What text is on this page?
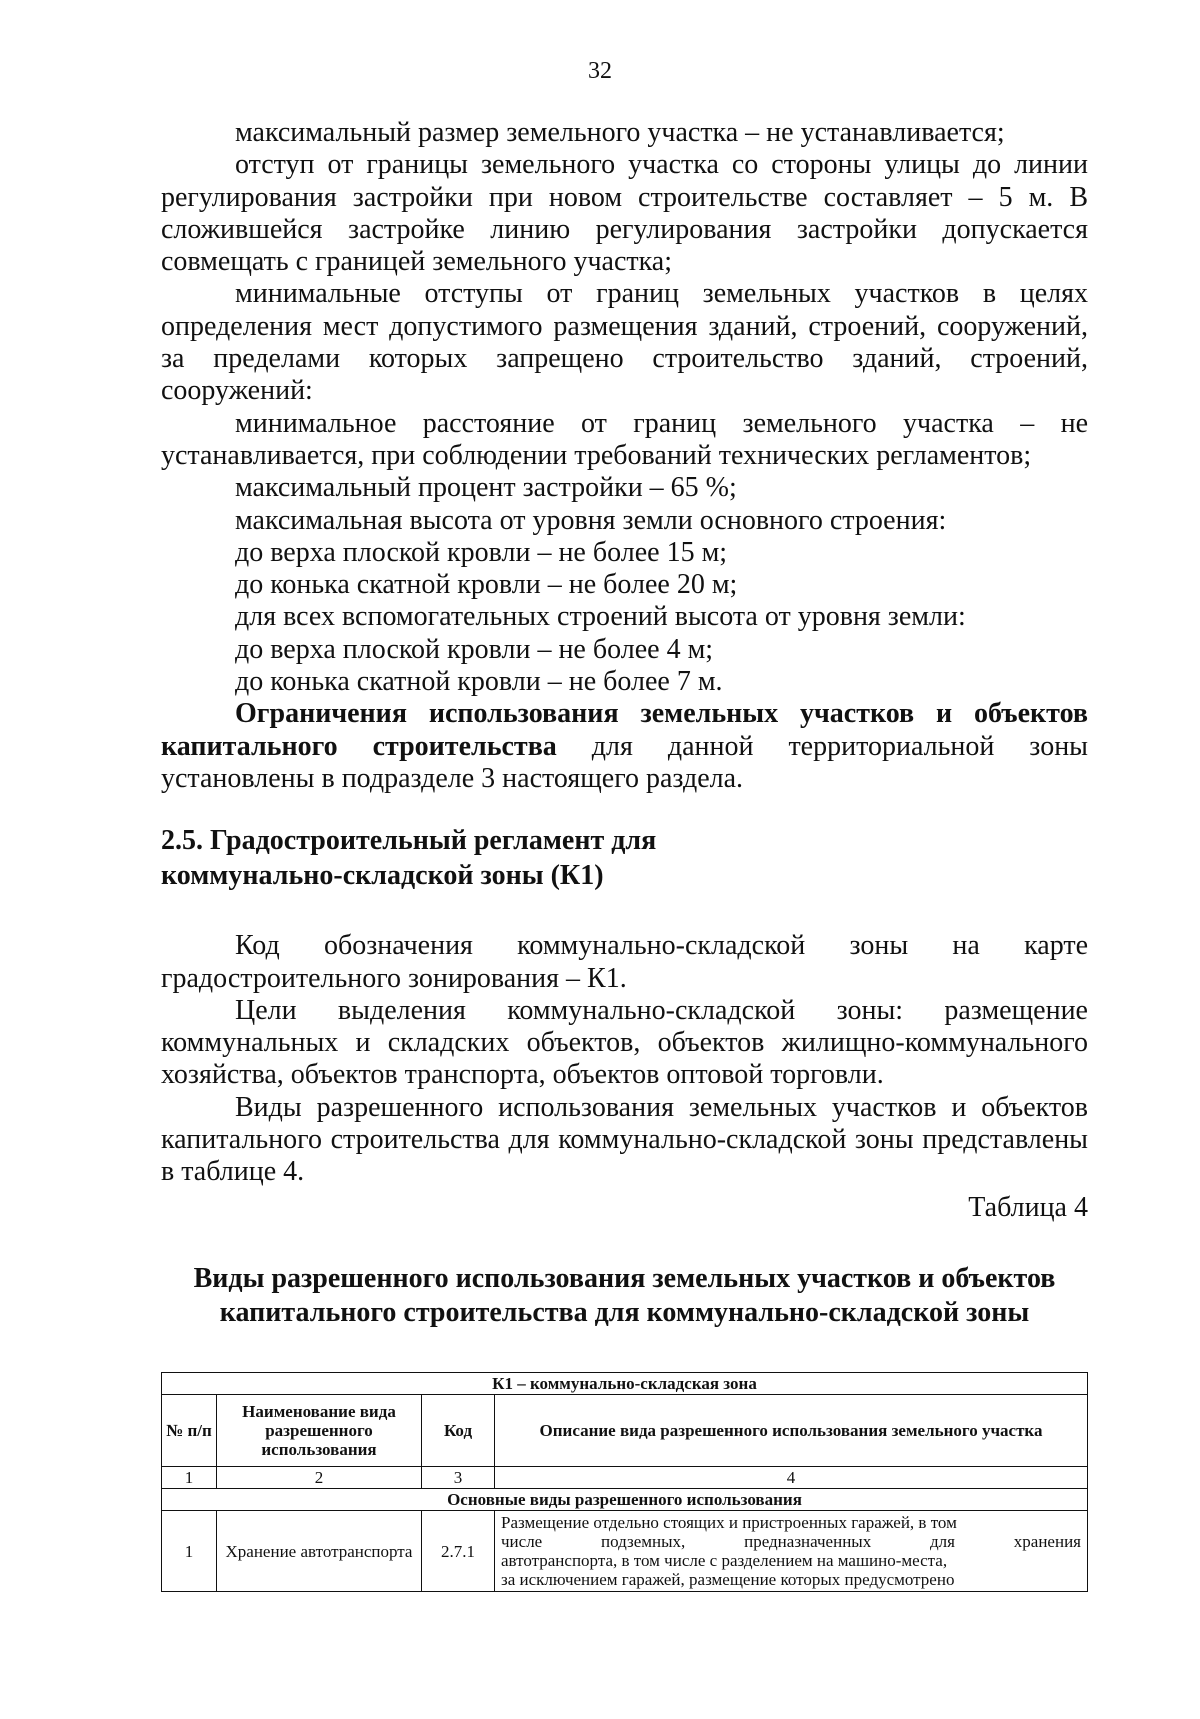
32

максимальный размер земельного участка – не устанавливается;

отступ от границы земельного участка со стороны улицы до линии регулирования застройки при новом строительстве составляет – 5 м. В сложившейся застройке линию регулирования застройки допускается совмещать с границей земельного участка;

минимальные отступы от границ земельных участков в целях определения мест допустимого размещения зданий, строений, сооружений, за пределами которых запрещено строительство зданий, строений, сооружений:

минимальное расстояние от границ земельного участка – не устанавливается, при соблюдении требований технических регламентов;

максимальный процент застройки – 65 %;

максимальная высота от уровня земли основного строения:

до верха плоской кровли – не более 15 м;

до конька скатной кровли – не более 20 м;

для всех вспомогательных строений высота от уровня земли:

до верха плоской кровли – не более 4 м;

до конька скатной кровли – не более 7 м.

Ограничения использования земельных участков и объектов капитального строительства для данной территориальной зоны установлены в подразделе 3 настоящего раздела.

2.5. Градостроительный регламент для
коммунально-складской зоны (К1)

Код обозначения коммунально-складской зоны на карте градостроительного зонирования – К1.

Цели выделения коммунально-складской зоны: размещение коммунальных и складских объектов, объектов жилищно-коммунального хозяйства, объектов транспорта, объектов оптовой торговли.

Виды разрешенного использования земельных участков и объектов капитального строительства для коммунально-складской зоны представлены в таблице 4.

Таблица 4

Виды разрешенного использования земельных участков и объектов
капитального строительства для коммунально-складской зоны

К1 – коммунально-складская зона			
№ п/п	Наименование вида разрешенного использования	Код	Описание вида разрешенного использования земельного участка
1	2	3	4
Основные виды разрешенного использования			
1	Хранение автотранспорта	2.7.1	Размещение отдельно стоящих и пристроенных гаражей, в том
числе подземных, предназначенных для хранения
автотранспорта, в том числе с разделением на машино-места,
за исключением гаражей, размещение которых предусмотрено
